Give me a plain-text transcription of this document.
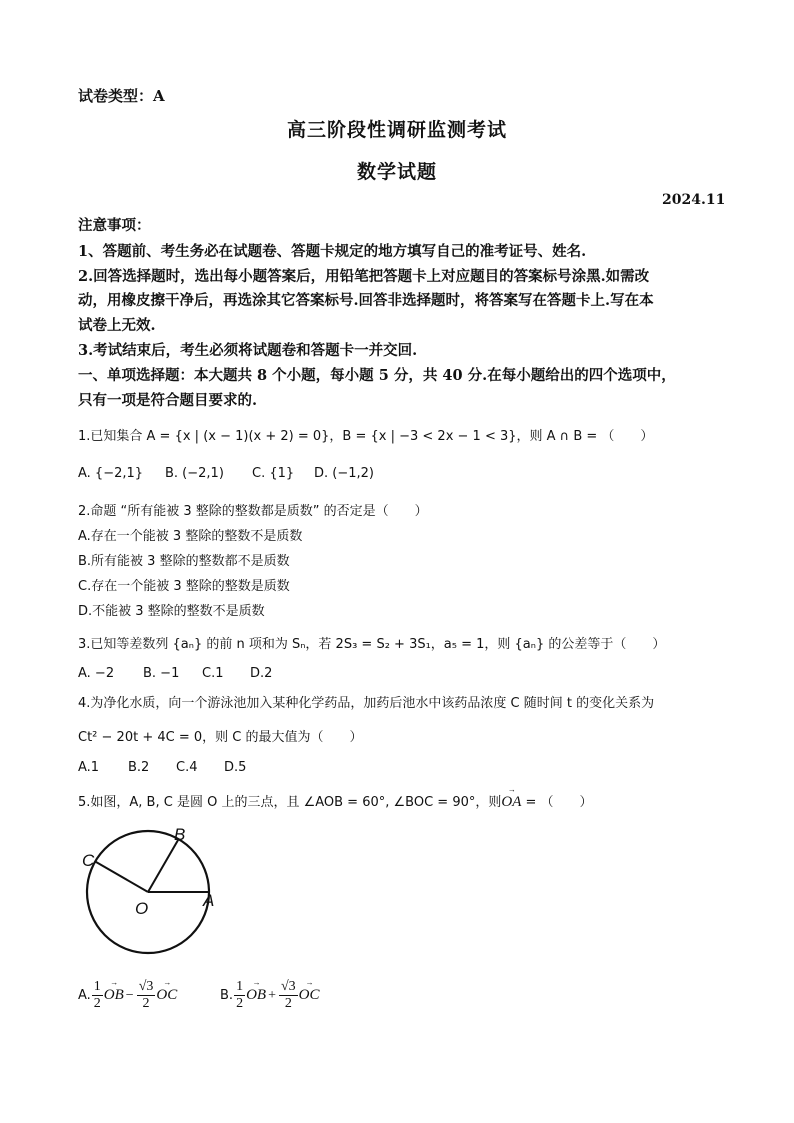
试卷类型：A
高三阶段性调研监测考试
数学试题
2024.11
注意事项：
1、答题前、考生务必在试题卷、答题卡规定的地方填写自己的准考证号、姓名.
2.回答选择题时，选出每小题答案后，用铅笔把答题卡上对应题目的答案标号涂黑.如需改
动，用橡皮擦干净后，再选涂其它答案标号.回答非选择题时，将答案写在答题卡上.写在本
试卷上无效.
3.考试结束后，考生必须将试题卷和答题卡一并交回.
一、单项选择题：本大题共 8 个小题，每小题 5 分，共 40 分.在每小题给出的四个选项中，
只有一项是符合题目要求的.
1.已知集合 A = {x | (x − 1)(x + 2) = 0}，B = {x | −3 < 2x − 1 < 3}，则 A ∩ B = （　　）
A. {−2,1} B. (−2,1) C. {1} D. (−1,2)
2.命题 “所有能被 3 整除的整数都是质数” 的否定是（　　）
A.存在一个能被 3 整除的整数不是质数
B.所有能被 3 整除的整数都不是质数
C.存在一个能被 3 整除的整数是质数
D.不能被 3 整除的整数不是质数
3.已知等差数列 {aₙ} 的前 n 项和为 Sₙ，若 2S₃ = S₂ + 3S₁，a₅ = 1，则 {aₙ} 的公差等于（　　）
A. −2 B. −1 C.1 D.2
4.为净化水质，向一个游泳池加入某种化学药品，加药后池水中该药品浓度 C 随时间 t 的变化关系为
Ct² − 20t + 4C = 0，则 C 的最大值为（　　）
A.1 B.2 C.4 D.5
5.如图，A, B, C 是圆 O 上的三点，且 ∠AOB = 60°, ∠BOC = 90°，则
→
OA = （　　）
B
C
A
O
A. $\frac{1}{2}$ →
OB − $\frac{√3}{2}$ →
OC	B. $\frac{1}{2}$ →
OB + $\frac{√3}{2}$ →
OC
